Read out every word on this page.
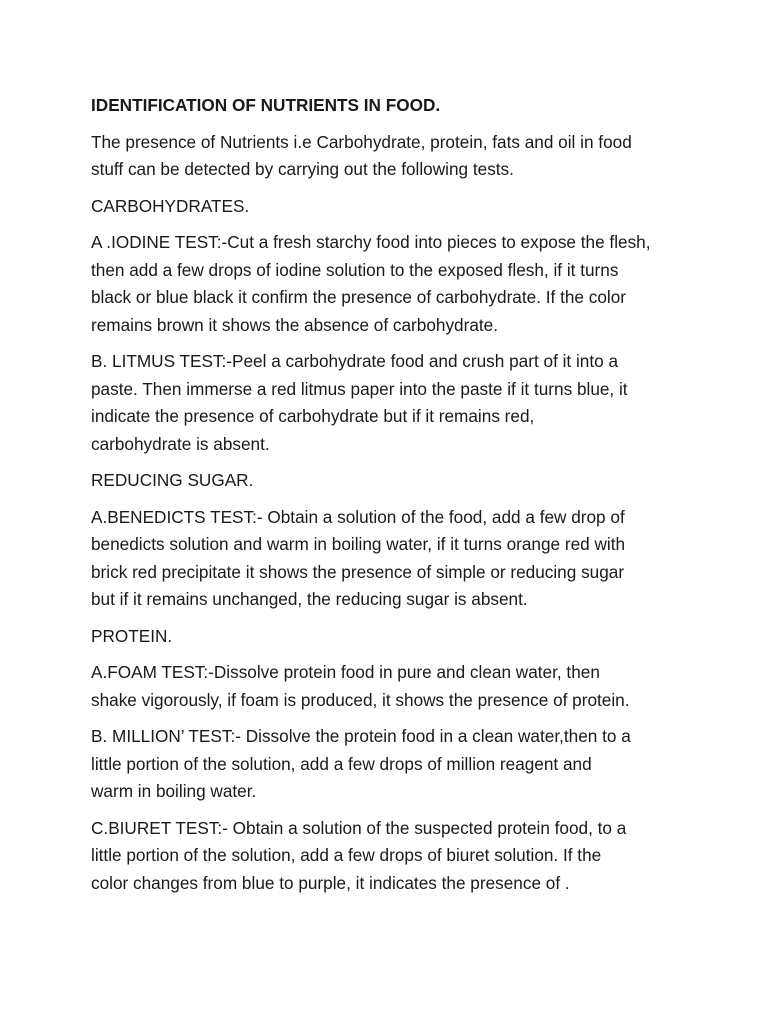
IDENTIFICATION OF NUTRIENTS IN FOOD.
The presence of Nutrients i.e Carbohydrate, protein, fats and oil in food
stuff can be detected by carrying out the following tests.
CARBOHYDRATES.
A .IODINE TEST:-Cut a fresh starchy food into pieces to expose the flesh,
then add a few drops of iodine solution to the exposed flesh, if it turns
black or blue black it confirm the presence of carbohydrate. If the color
remains brown it shows the absence of carbohydrate.
B. LITMUS TEST:-Peel a carbohydrate food and crush part of it into a
paste. Then immerse a red litmus paper into the paste if it turns blue, it
indicate the presence of carbohydrate but if it remains red,
carbohydrate is absent.
REDUCING SUGAR.
A.BENEDICTS TEST:- Obtain a solution of the food, add a few drop of
benedicts solution and warm in boiling water, if it turns orange red with
brick red precipitate it shows the presence of simple or reducing sugar
but if it remains unchanged, the reducing sugar is absent.
PROTEIN.
A.FOAM TEST:-Dissolve protein food in pure and clean water, then
shake vigorously, if foam is produced, it shows the presence of protein.
B. MILLION’ TEST:- Dissolve the protein food in a clean water,then to a
little portion of the solution, add a few drops of million reagent and
warm in boiling water.
C.BIURET TEST:- Obtain a solution of the suspected protein food, to a
little portion of the solution, add a few drops of biuret solution. If the
color changes from blue to purple, it indicates the presence of .
